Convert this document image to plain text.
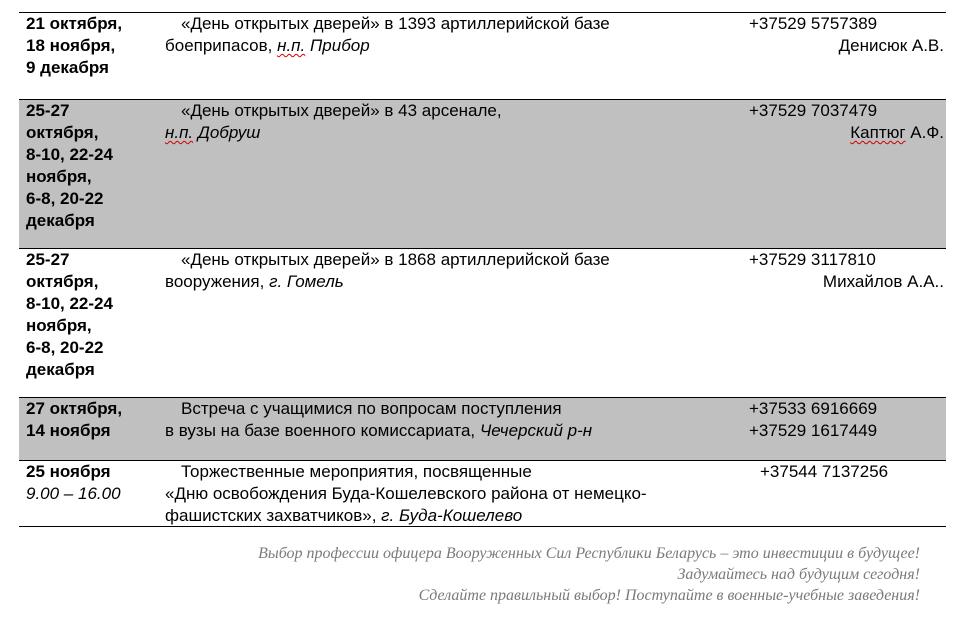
21 октября,
18 ноября,
9 декабря
«День открытых дверей» в 1393 артиллерийской базе
боеприпасов, н.п. Прибор
+37529 5757389
Денисюк А.В.
25-27
октября,
8-10, 22-24
ноября,
6-8, 20-22
декабря
«День открытых дверей» в 43 арсенале,
н.п. Добруш
+37529 7037479
Каптюг А.Ф.
25-27
октября,
8-10, 22-24
ноября,
6-8, 20-22
декабря
«День открытых дверей» в 1868 артиллерийской базе
вооружения, г. Гомель
+37529 3117810
Михайлов А.А..
27 октября,
14 ноября
Встреча с учащимися по вопросам поступления
в вузы на базе военного комиссариата, Чечерский р-н
+37533 6916669
+37529 1617449
25 ноября
9.00 – 16.00
Торжественные мероприятия, посвященные
«Дню освобождения Буда-Кошелевского района от немецко-
фашистских захватчиков», г. Буда-Кошелево
+37544 7137256
Выбор профессии офицера Вооруженных Сил Республики Беларусь – это инвестиции в будущее!
Задумайтесь над будущим сегодня!
Сделайте правильный выбор! Поступайте в военные-учебные заведения!
